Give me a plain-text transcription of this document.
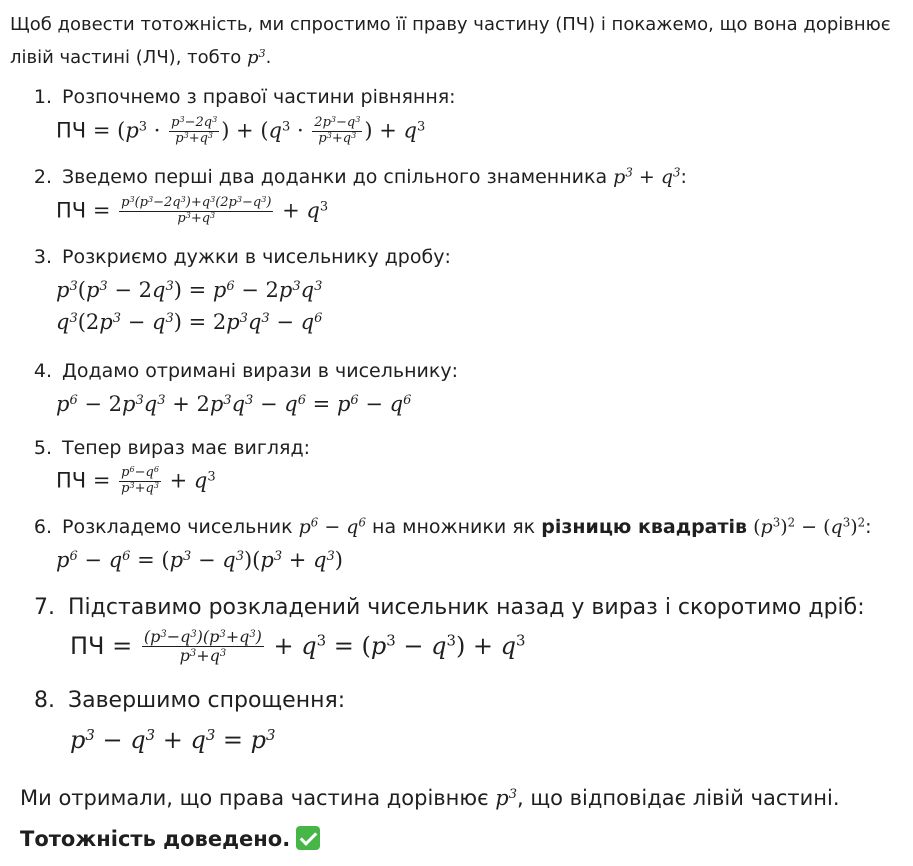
Щоб довести тотожність, ми спростимо її праву частину (ПЧ) і покажемо, що вона дорівнює лівій частині (ЛЧ), тобто $p^3$.
1. Розпочнемо з правої частини рівняння:
ПЧ = ($p^3 \cdot \frac{p^3-2q^3}{p^3+q^3}$ ) + ($q^3 \cdot \frac{2p^3-q^3}{p^3+q^3}$ ) + $q^3$
2. Зведемо перші два доданки до спільного знаменника $p^3 + q^3$:
ПЧ = $\frac{p^3(p^3-2q^3)+q^3(2p^3-q^3)}{p^3+q^3} + q^3$
3. Розкриємо дужки в чисельнику дробу:
$p^3(p^3 - 2q^3) = p^6 - 2p^3q^3$
$q^3(2p^3 - q^3) = 2p^3q^3 - q^6$
4. Додамо отримані вирази в чисельнику:
$p^6 - 2p^3q^3 + 2p^3q^3 - q^6 = p^6 - q^6$
5. Тепер вираз має вигляд:
ПЧ = $\frac{p^6-q^6}{p^3+q^3} + q^3$
6. Розкладемо чисельник $p^6 - q^6$ на множники як різницю квадратів $(p^3)^2 - (q^3)^2$:
$p^6 - q^6 = (p^3 - q^3)(p^3 + q^3)$
7. Підставимо розкладений чисельник назад у вираз і скоротимо дріб:
ПЧ = $\frac{(p^3-q^3)(p^3+q^3)}{p^3+q^3} + q^3 = (p^3 - q^3) + q^3$
8. Завершимо спрощення:
$p^3 - q^3 + q^3 = p^3$
Ми отримали, що права частина дорівнює $p^3$, що відповідає лівій частині.
Тотожність доведено.
